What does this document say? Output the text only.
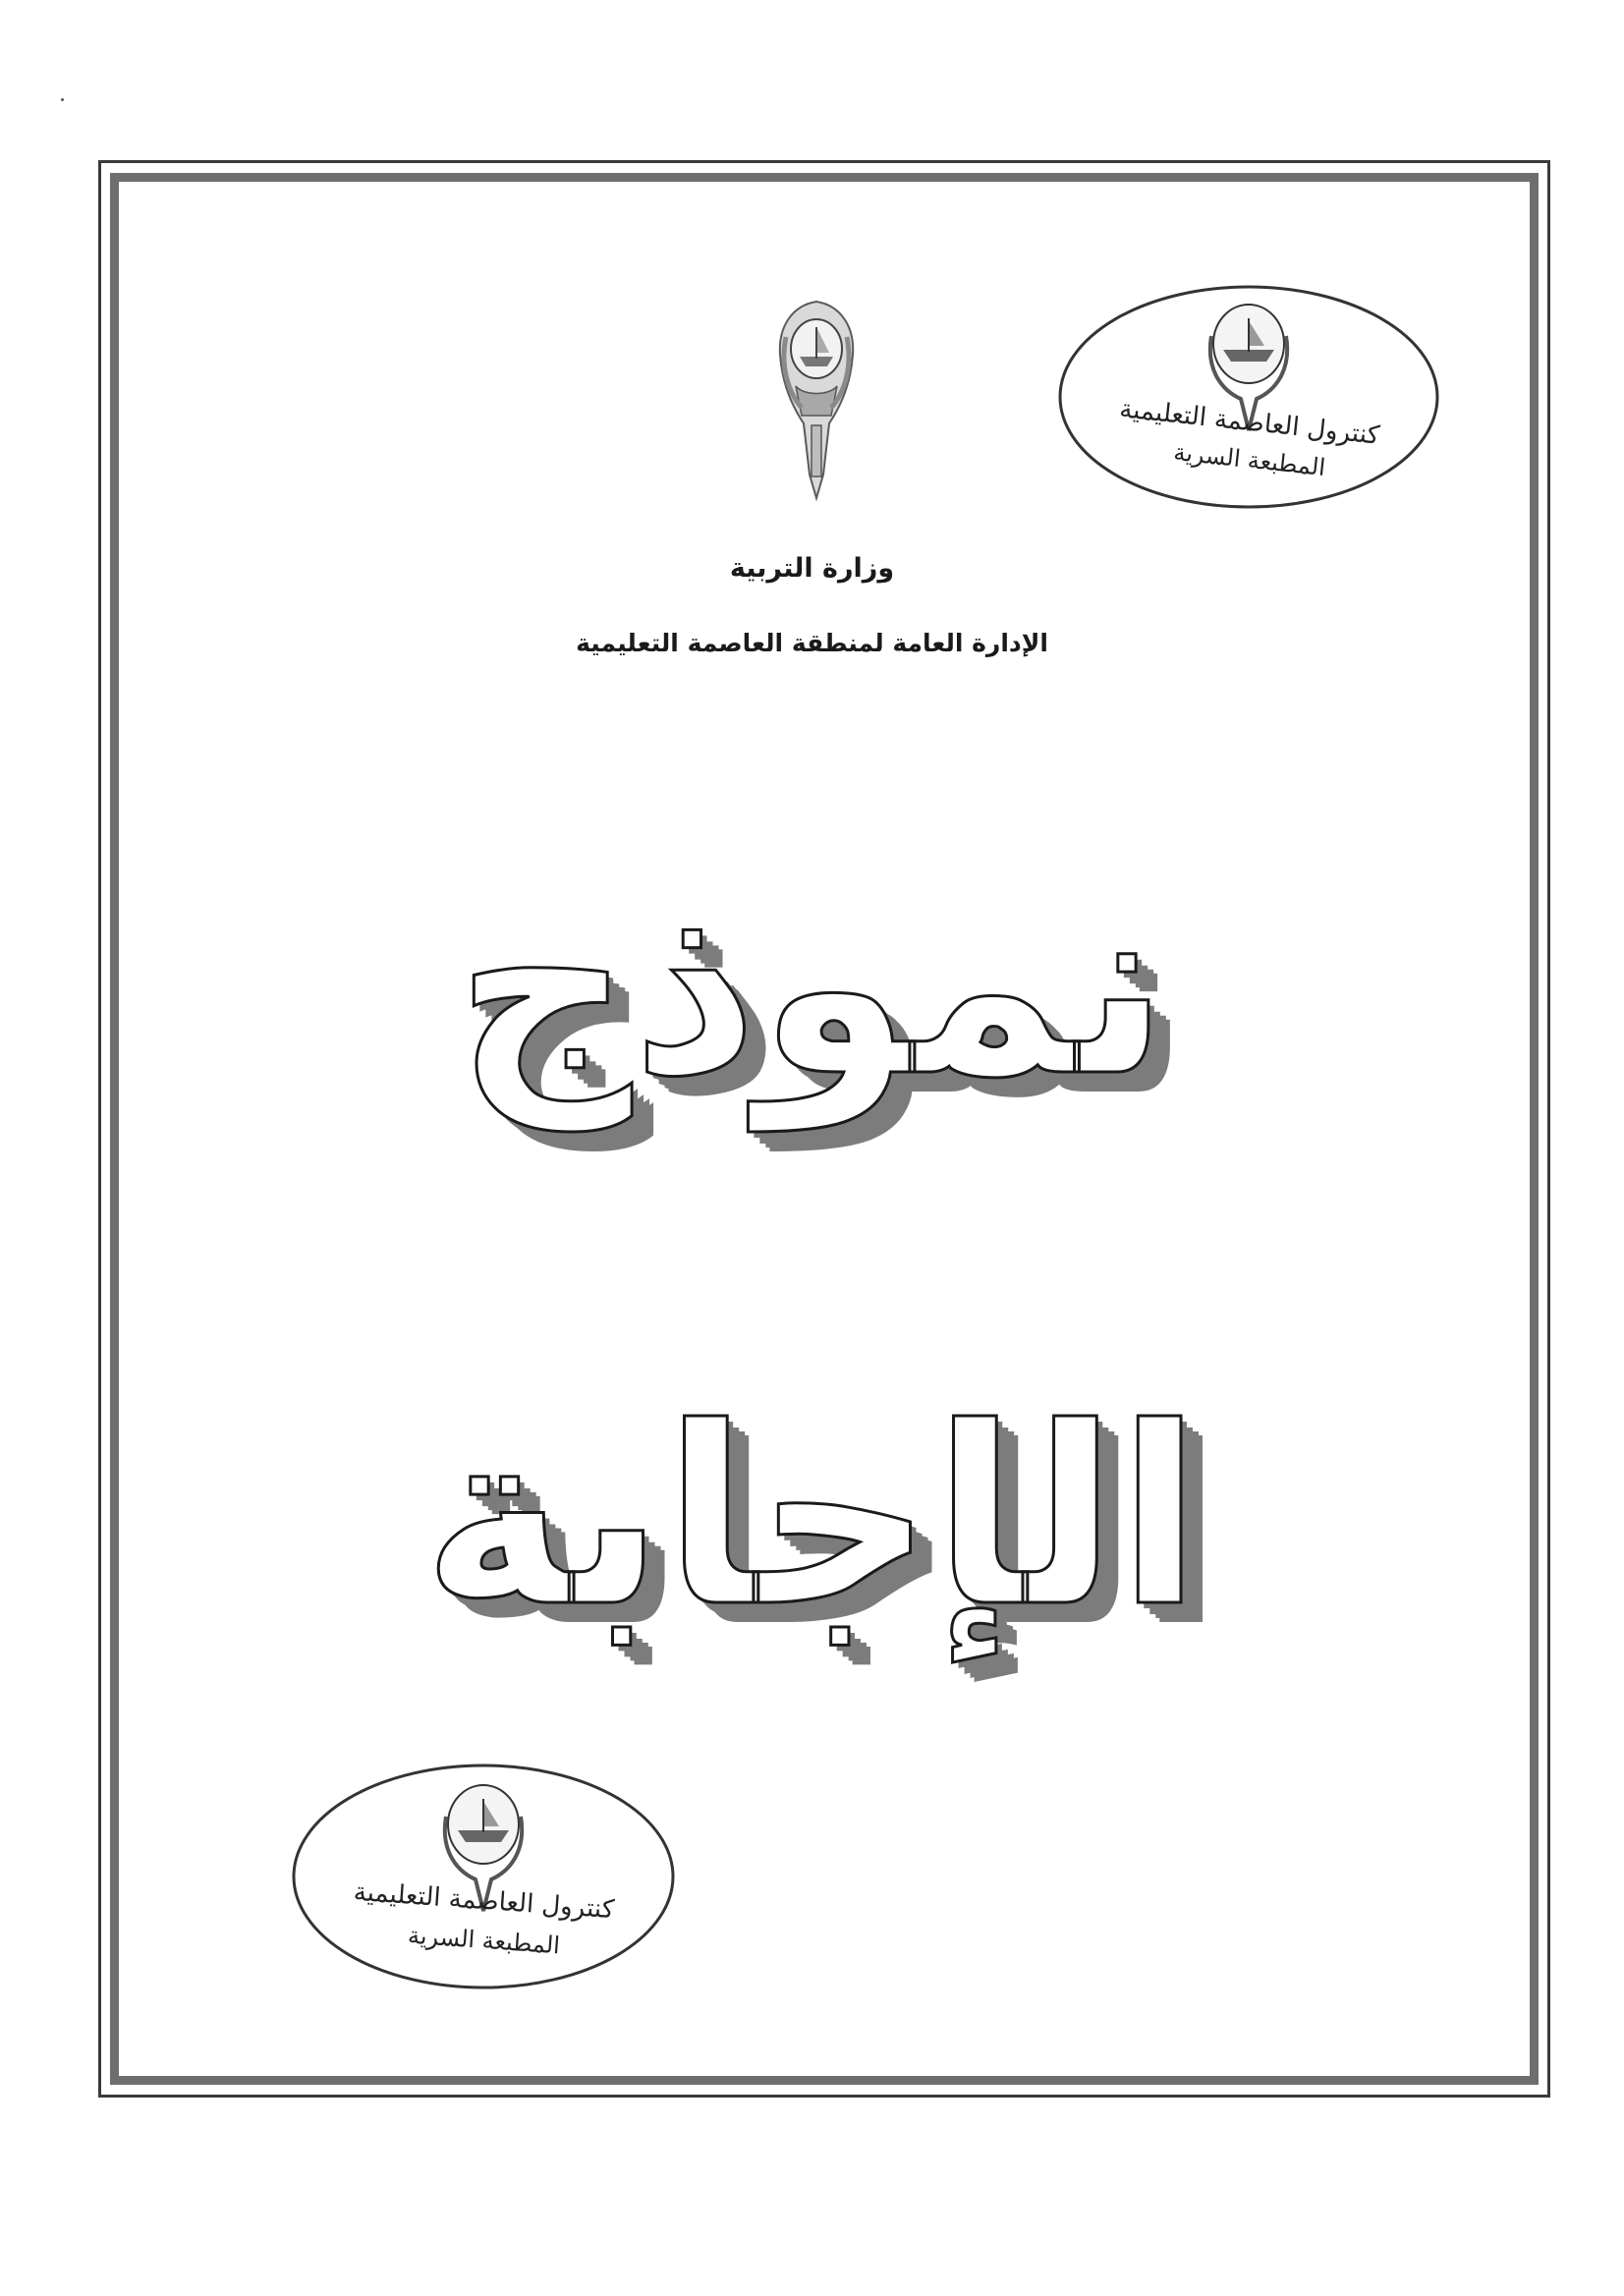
وزارة التربية
الإدارة العامة لمنطقة العاصمة التعليمية
نموذج
الإجابة
كنترول العاصمة التعليمية
المطبعة السرية
كنترول العاصمة التعليمية
المطبعة السرية
